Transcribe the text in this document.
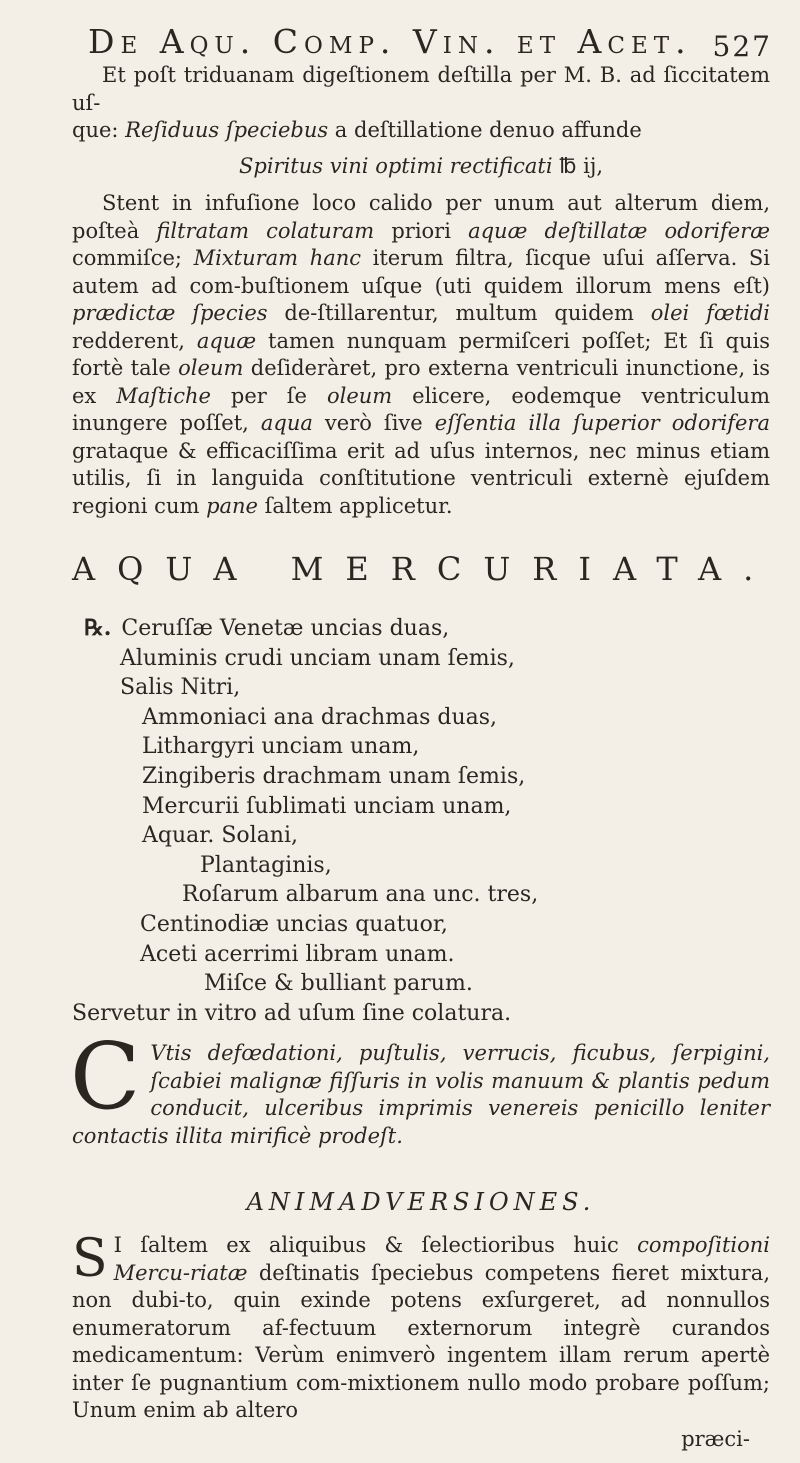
De Aqu. Comp. Vin. et Acet. 527

Et poſt triduanam digeſtionem deſtilla per M. B. ad ſiccitatem uſ-

que: Reſiduus ſpeciebus a deſtillatione denuo affunde

Spiritus vini optimi rectificati ℔ ij,

Stent in infuſione loco calido per unum aut alterum diem, poſteà filtratam colaturam priori aquæ deſtillatæ odoriferæ commiſce; Mixturam hanc iterum filtra, ſicque uſui aſſerva. Si autem ad com-buſtionem uſque (uti quidem illorum mens eſt) prædictæ ſpecies de-ſtillarentur, multum quidem olei fœtidi redderent, aquæ tamen nunquam permiſceri poſſet; Et ſi quis fortè tale oleum deſideràret, pro externa ventriculi inunctione, is ex Maſtiche per ſe oleum elicere, eodemque ventriculum inungere poſſet, aqua verò ſive eſſentia illa ſuperior odorifera grataque & efficaciſſima erit ad uſus internos, nec minus etiam utilis, ſi in languida conſtitutione ventriculi externè ejuſdem regioni cum pane ſaltem applicetur.

AQUA MERCURIATA.
℞. Ceruſſæ Venetæ uncias duas,
Aluminis crudi unciam unam ſemis,
Salis Nitri,
Ammoniaci ana drachmas duas,
Lithargyri unciam unam,
Zingiberis drachmam unam ſemis,
Mercurii ſublimati unciam unam,
Aquar. Solani,
Plantaginis,
Roſarum albarum ana unc. tres,
Centinodiæ uncias quatuor,
Aceti acerrimi libram unam.
Miſce & bulliant parum.
Servetur in vitro ad uſum ſine colatura.
C Vtis defœdationi, puſtulis, verrucis, ficubus, ſerpigini, ſcabiei malignæ fiſſuris in volis manuum & plantis pedum conducit, ulceribus imprimis venereis penicillo leniter contactis illita mirificè prodeſt.

ANIMADVERSIONES.
S I ſaltem ex aliquibus & ſelectioribus huic compoſitioni Mercu-riatæ deſtinatis ſpeciebus competens fieret mixtura, non dubi-to, quin exinde potens exſurgeret, ad nonnullos enumeratorum af-fectuum externorum integrè curandos medicamentum: Verùm enimverò ingentem illam rerum apertè inter ſe pugnantium com-mixtionem nullo modo probare poſſum; Unum enim ab altero

præci-
